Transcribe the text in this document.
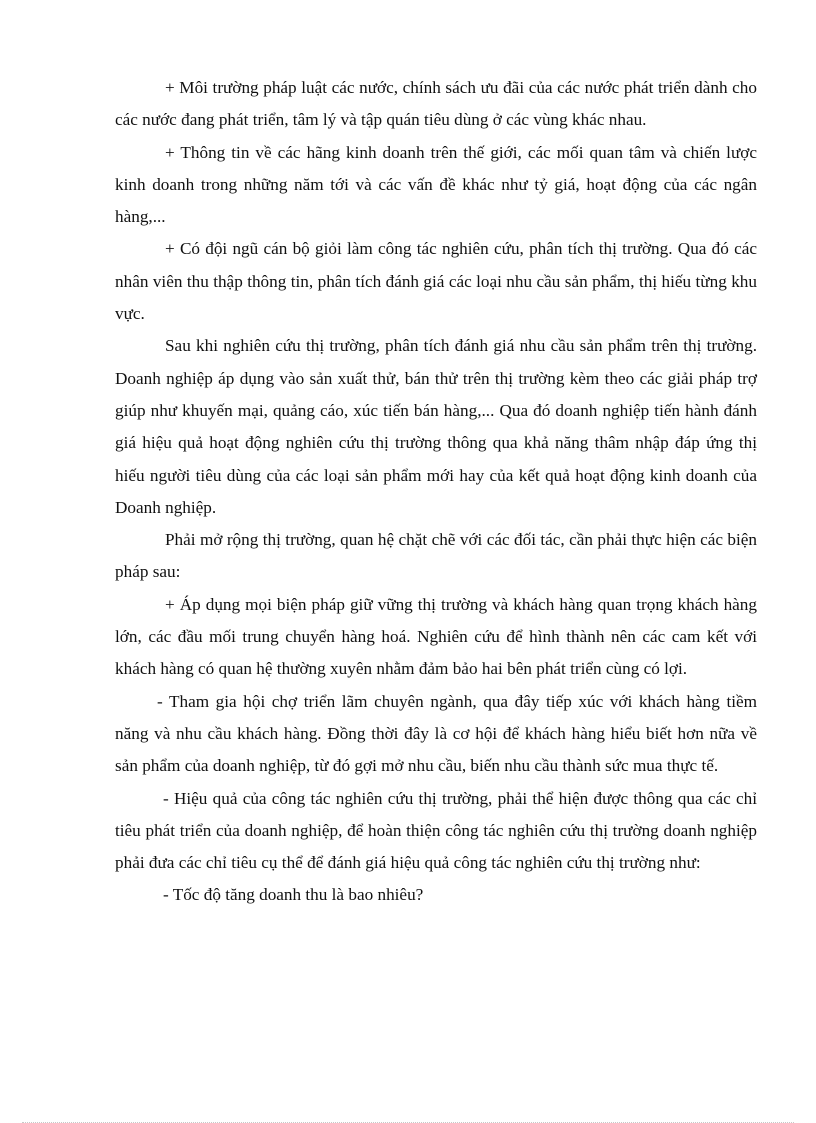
+ Môi trường pháp luật các nước, chính sách ưu đãi của các nước phát triển dành cho các nước đang phát triển, tâm lý và tập quán tiêu dùng ở các vùng khác nhau.

+ Thông tin về các hãng kinh doanh trên thế giới, các mối quan tâm và chiến lược kinh doanh trong những năm tới và các vấn đề khác như tỷ giá, hoạt động của các ngân hàng,...

+ Có đội ngũ cán bộ giỏi làm công tác nghiên cứu, phân tích thị trường. Qua đó các nhân viên thu thập thông tin, phân tích đánh giá các loại nhu cầu sản phẩm, thị hiếu từng khu vực.

Sau khi nghiên cứu thị trường, phân tích đánh giá nhu cầu sản phẩm trên thị trường. Doanh nghiệp áp dụng vào sản xuất thử, bán thử trên thị trường kèm theo các giải pháp trợ giúp như khuyến mại, quảng cáo, xúc tiến bán hàng,... Qua đó doanh nghiệp tiến hành đánh giá hiệu quả hoạt động nghiên cứu thị trường thông qua khả năng thâm nhập đáp ứng thị hiếu người tiêu dùng của các loại sản phẩm mới hay của kết quả hoạt động kinh doanh của Doanh nghiệp.

Phải mở rộng thị trường, quan hệ chặt chẽ với các đối tác, cần phải thực hiện các biện pháp sau:

+ Áp dụng mọi biện pháp giữ vững thị trường và khách hàng quan trọng khách hàng lớn, các đầu mối trung chuyển hàng hoá. Nghiên cứu để hình thành nên các cam kết với khách hàng có quan hệ thường xuyên nhằm đảm bảo hai bên phát triển cùng có lợi.

- Tham gia hội chợ triển lãm chuyên ngành, qua đây tiếp xúc với khách hàng tiềm năng và nhu cầu khách hàng. Đồng thời đây là cơ hội để khách hàng hiểu biết hơn nữa về sản phẩm của doanh nghiệp, từ đó gợi mở nhu cầu, biến nhu cầu thành sức mua thực tế.

- Hiệu quả của công tác nghiên cứu thị trường, phải thể hiện được thông qua các chỉ tiêu phát triển của doanh nghiệp, để hoàn thiện công tác nghiên cứu thị trường doanh nghiệp phải đưa các chỉ tiêu cụ thể để đánh giá hiệu quả công tác nghiên cứu thị trường như:

- Tốc độ tăng doanh thu là bao nhiêu?
